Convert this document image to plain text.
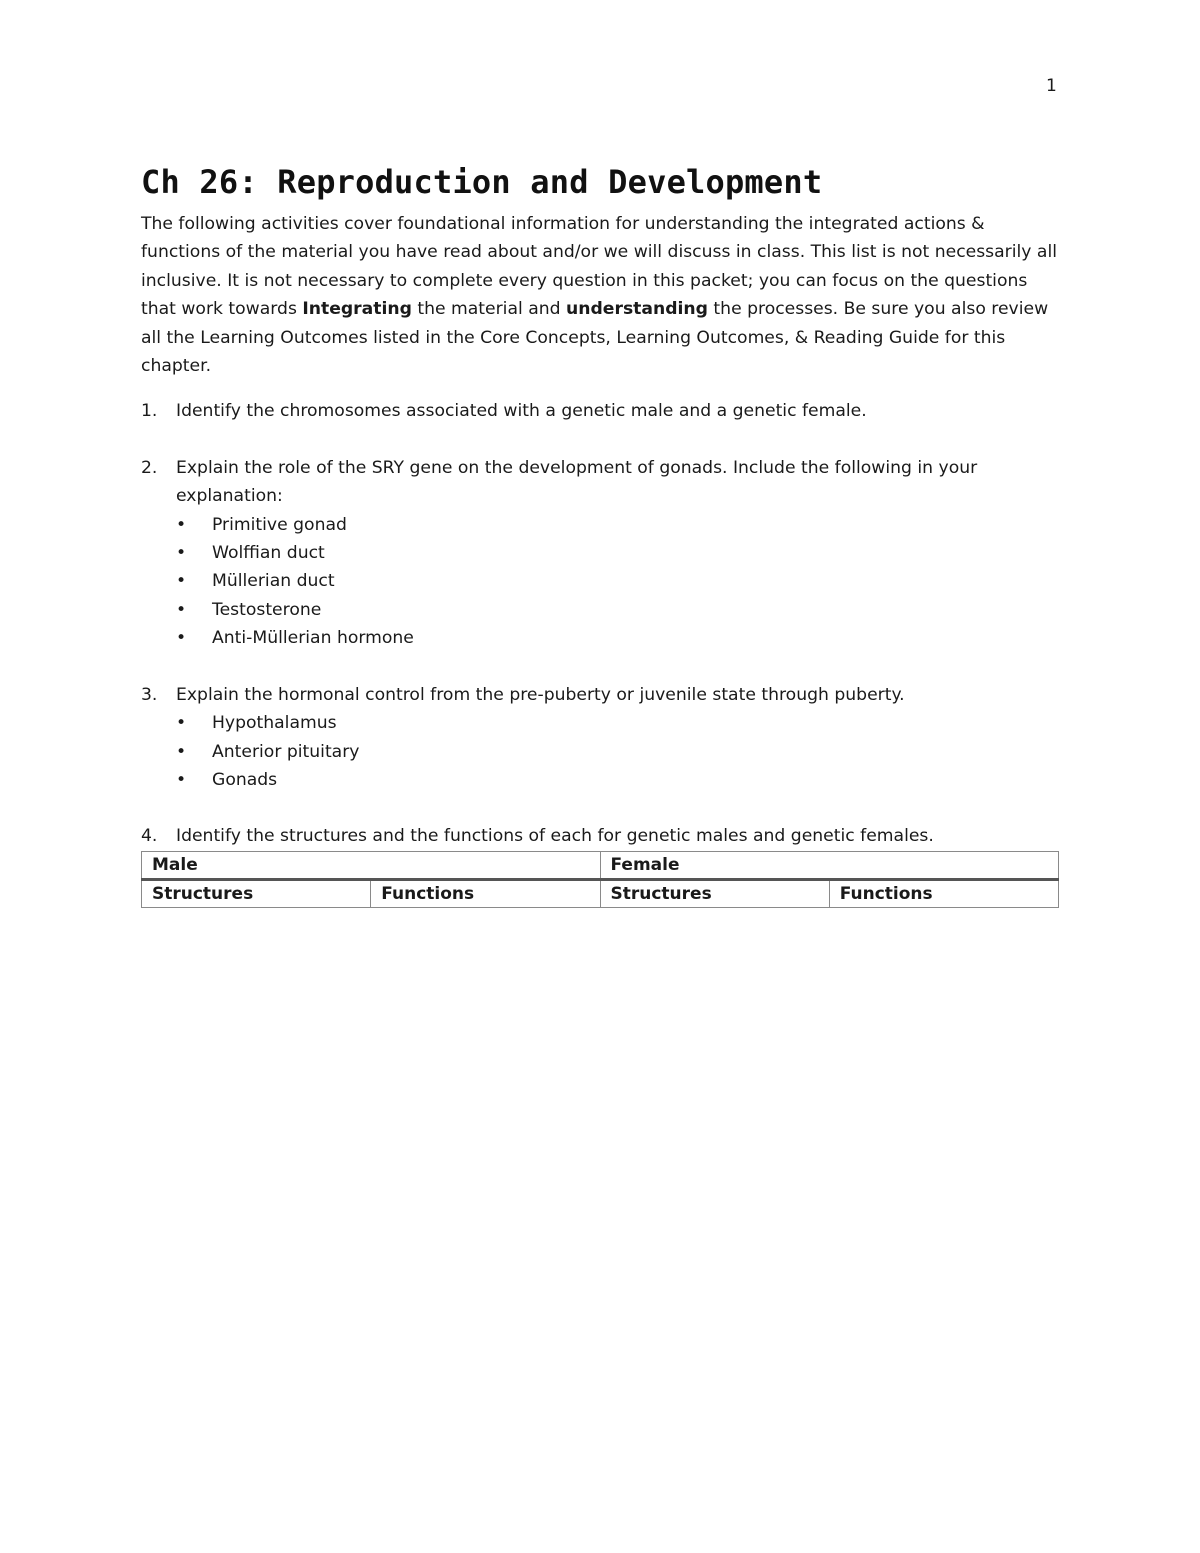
1
Ch 26: Reproduction and Development

The following activities cover foundational information for understanding the integrated actions & functions of the material you have read about and/or we will discuss in class. This list is not necessarily all inclusive. It is not necessary to complete every question in this packet; you can focus on the questions that work towards Integrating the material and understanding the processes. Be sure you also review all the Learning Outcomes listed in the Core Concepts, Learning Outcomes, & Reading Guide for this chapter.

1. Identify the chromosomes associated with a genetic male and a genetic female.
2. Explain the role of the SRY gene on the development of gonads. Include the following in your explanation:
• Primitive gonad
• Wolffian duct
• Müllerian duct
• Testosterone
• Anti-Müllerian hormone
3. Explain the hormonal control from the pre-puberty or juvenile state through puberty.
• Hypothalamus
• Anterior pituitary
• Gonads
4. Identify the structures and the functions of each for genetic males and genetic females.
Male		Female	
Structures	Functions	Structures	Functions
